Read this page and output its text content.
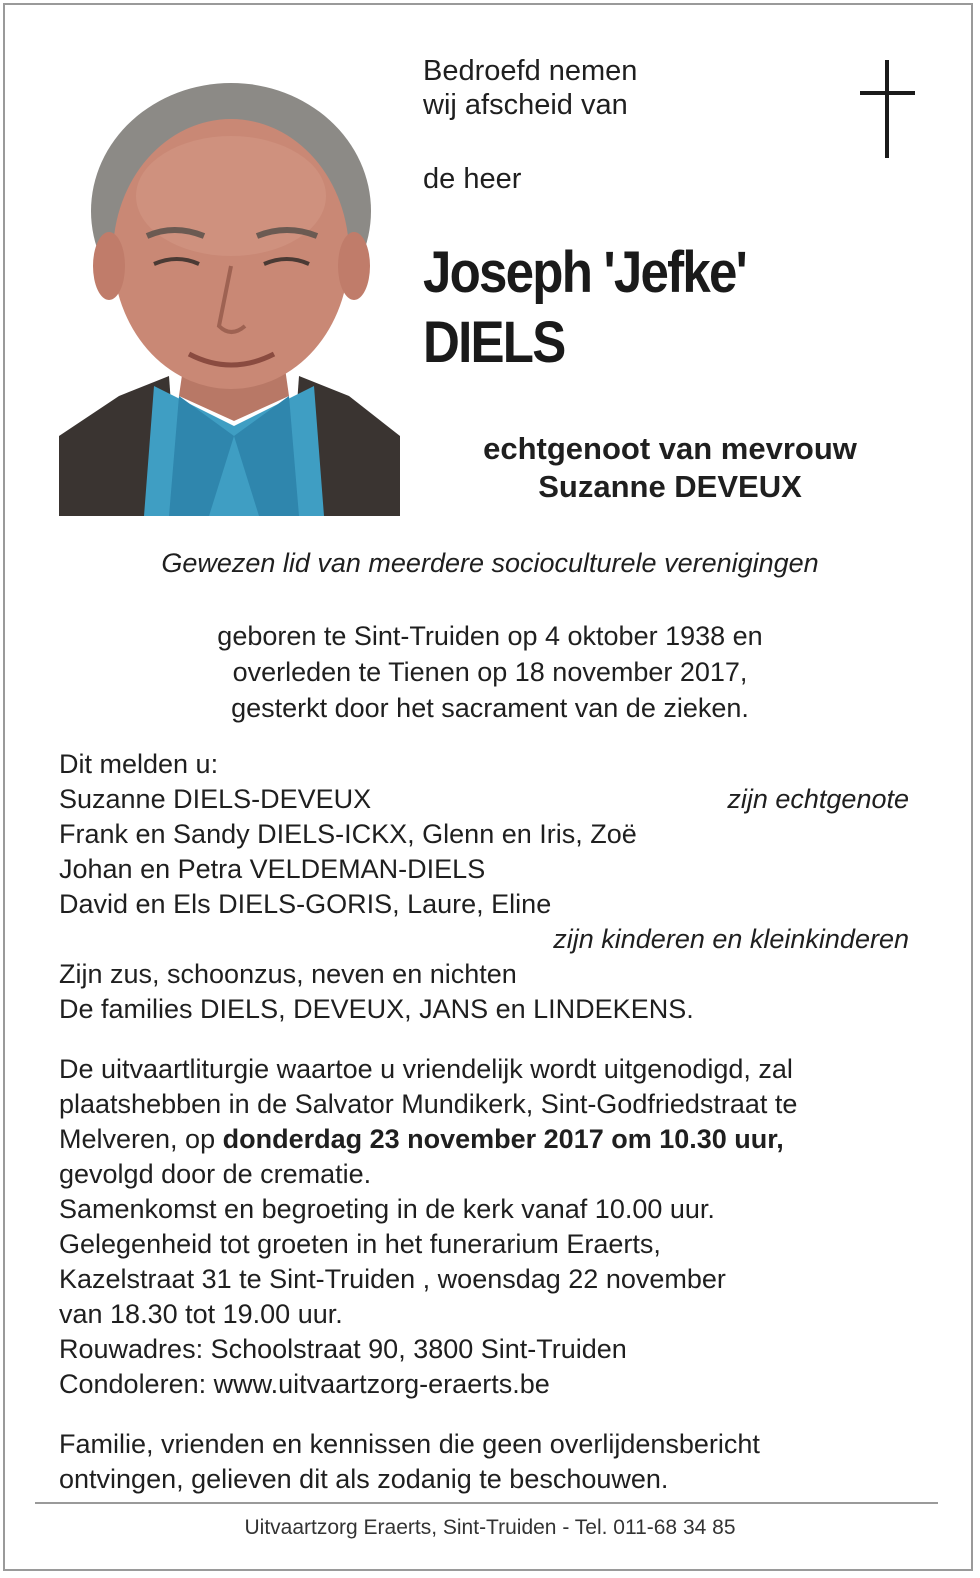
Bedroefd nemen
wij afscheid van
de heer
Joseph 'Jefke'
DIELS
echtgenoot van mevrouw
Suzanne DEVEUX
Gewezen lid van meerdere socioculturele verenigingen
geboren te Sint-Truiden op 4 oktober 1938 en
overleden te Tienen op 18 november 2017,
gesterkt door het sacrament van de zieken.
Dit melden u:
Suzanne DIELS-DEVEUX	zijn echtgenote
Frank en Sandy DIELS-ICKX, Glenn en Iris, Zoë
Johan en Petra VELDEMAN-DIELS
David en Els DIELS-GORIS, Laure, Eline
zijn kinderen en kleinkinderen
Zijn zus, schoonzus, neven en nichten
De families DIELS, DEVEUX, JANS en LINDEKENS.
De uitvaartliturgie waartoe u vriendelijk wordt uitgenodigd, zal
plaatshebben in de Salvator Mundikerk, Sint-Godfriedstraat te
Melveren, op donderdag 23 november 2017 om 10.30 uur,
gevolgd door de crematie.
Samenkomst en begroeting in de kerk vanaf 10.00 uur.
Gelegenheid tot groeten in het funerarium Eraerts,
Kazelstraat 31 te Sint-Truiden , woensdag 22 november
van 18.30 tot 19.00 uur.
Rouwadres: Schoolstraat 90, 3800 Sint-Truiden
Condoleren: www.uitvaartzorg-eraerts.be
Familie, vrienden en kennissen die geen overlijdensbericht
ontvingen, gelieven dit als zodanig te beschouwen.
Uitvaartzorg Eraerts, Sint-Truiden - Tel. 011-68 34 85
